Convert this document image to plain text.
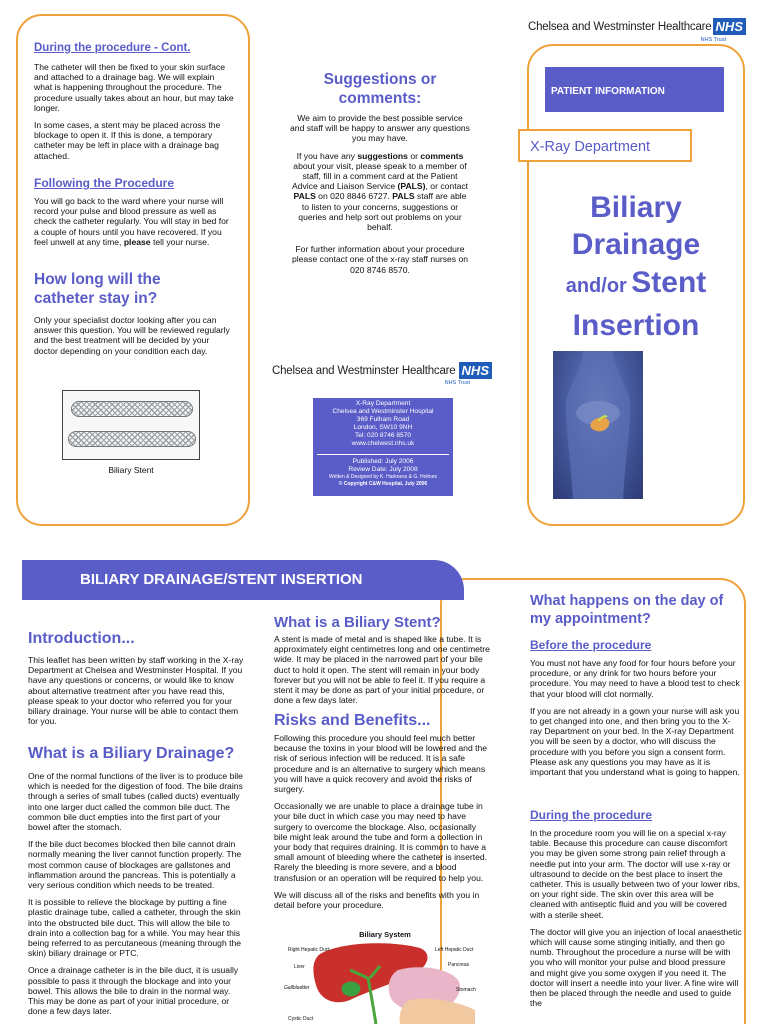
During the procedure - Cont.

The catheter will then be fixed to your skin surface and attached to a drainage bag. We will explain what is happening throughout the procedure. The procedure usually takes about an hour, but may take longer.

In some cases, a stent may be placed across the blockage to open it. If this is done, a temporary catheter may be left in place with a drainage bag attached.

Following the Procedure

You will go back to the ward where your nurse will record your pulse and blood pressure as well as check the catheter regularly. You will stay in bed for a couple of hours until you have recovered. If you feel unwell at any time, please tell your nurse.

How long will the catheter stay in?

Only your specialist doctor looking after you can answer this question. You will be reviewed regularly and the best treatment will be decided by your doctor depending on your condition each day.

Biliary Stent
Suggestions or comments:

We aim to provide the best possible service and staff will be happy to answer any questions you may have.

If you have any suggestions or comments about your visit, please speak to a member of staff, fill in a comment card at the Patient Advice and Liaison Service (PALS), or contact PALS on 020 8846 6727. PALS staff are able to listen to your concerns, suggestions or queries and help sort out problems on your behalf.

For further information about your procedure please contact one of the x-ray staff nurses on 020 8746 8570.

Chelsea and Westminster Healthcare NHS
NHS Trust
X-Ray Department
Chelsea and Westminster Hospital
369 Fulham Road
London, SW10 9NH
Tel: 020 8746 8570
www.chelwest.nhs.uk
Published: July 2006
Review Date: July 2008
Written & Designed by K. Harkness & G. Holmes
© Copyright C&W Hospital, July 2006
Chelsea and Westminster Healthcare NHS
NHS Trust
PATIENT INFORMATION
X-Ray Department
Biliary
Drainage
and/or Stent
Insertion
BILIARY DRAINAGE/STENT INSERTION
Introduction...

This leaflet has been written by staff working in the X-ray Department at Chelsea and Westminster Hospital. If you have any questions or concerns, or would like to know about alternative treatment after you have read this, please speak to your doctor who referred you for your biliary drainage. Your nurse will be able to contact them for you.

What is a Biliary Drainage?

One of the normal functions of the liver is to produce bile which is needed for the digestion of food. The bile drains through a series of small tubes (called ducts) eventually into one larger duct called the common bile duct. The common bile duct empties into the first part of your bowel after the stomach.

If the bile duct becomes blocked then bile cannot drain normally meaning the liver cannot function properly. The most common cause of blockages are gallstones and inflammation around the pancreas. This is potentially a very serious condition which needs to be treated.

It is possible to relieve the blockage by putting a fine plastic drainage tube, called a catheter, through the skin into the obstructed bile duct. This will allow the bile to drain into a collection bag for a while. You may hear this being referred to as percutaneous (meaning through the skin) biliary drainage or PTC.

Once a drainage catheter is in the bile duct, it is usually possible to pass it through the blockage and into your bowel. This allows the bile to drain in the normal way. This may be done as part of your initial procedure, or done a few days later.

What is a Biliary Stent?

A stent is made of metal and is shaped like a tube. It is approximately eight centimetres long and one centimetre wide. It may be placed in the narrowed part of your bile duct to hold it open. The stent will remain in your body forever but you will not be able to feel it. If you require a stent it may be done as part of your initial procedure, or done a few days later.

Risks and Benefits...

Following this procedure you should feel much better because the toxins in your blood will be lowered and the risk of serious infection will be reduced. It is a safe procedure and is an alternative to surgery which means you will have a quick recovery and avoid the risks of surgery.

Occasionally we are unable to place a drainage tube in your bile duct in which case you may need to have surgery to overcome the blockage. Also, occasionally bile might leak around the tube and form a collection in your body that requires draining. It is common to have a small amount of bleeding where the catheter is inserted. Rarely the bleeding is more severe, and a blood transfusion or an operation will be required to help you.

We will discuss all of the risks and benefits with you in detail before your procedure.

Biliary System
Right Hepatic Duct	Left Hepatic Duct
Liver	Pancreas
Gallbladder	Stomach
Cystic Duct
What happens on the day of my appointment?
Before the procedure

You must not have any food for four hours before your procedure, or any drink for two hours before your procedure. You may need to have a blood test to check that your blood will clot normally.

If you are not already in a gown your nurse will ask you to get changed into one, and then bring you to the X-ray Department on your bed. In the X-ray Department you will be seen by a doctor, who will discuss the procedure with you before you sign a consent form. Please ask any questions you may have as it is important that you understand what is going to happen.

During the procedure

In the procedure room you will lie on a special x-ray table. Because this procedure can cause discomfort you may be given some strong pain relief through a needle put into your arm. The doctor will use x-ray or ultrasound to decide on the best place to insert the catheter. This is usually between two of your lower ribs, on your right side. The skin over this area will be cleaned with antiseptic fluid and you will be covered with a sterile sheet.

The doctor will give you an injection of local anaesthetic which will cause some stinging initially, and then go numb. Throughout the procedure a nurse will be with you who will monitor your pulse and blood pressure and might give you some oxygen if you need it. The doctor will insert a needle into your liver. A fine wire will then be placed through the needle and used to guide the
